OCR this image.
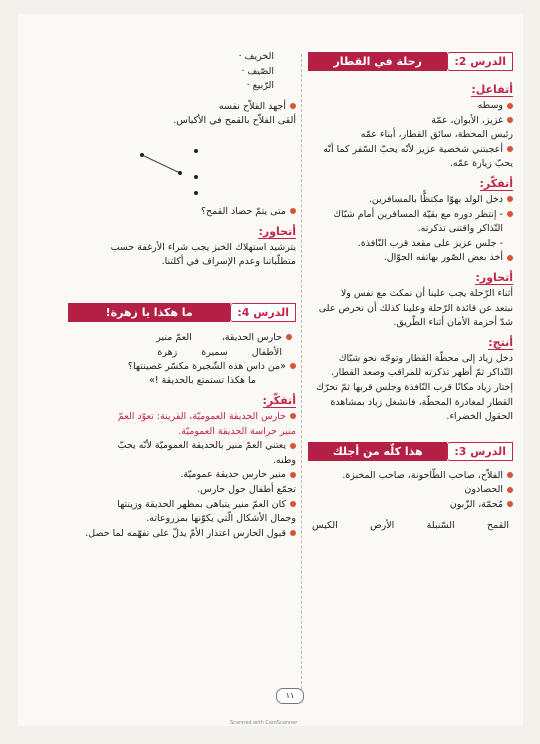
الدرس 2:
رحلة في القطار
أتفاعل:
وسطه
غزيز، الأبوان، عمّة
رئيس المحطة، سائق القطار، أبناء عمّه
أعجبتني شخصية عزيز لأنّه يحبّ السّفر كما أنّه
يحبّ زيارة عمّه.
أتفكّر:
دخل الولد بهوّا مكتظًّا بالمسافرين.
- إنتظر دوره مع بقيّة المسافرين أمام شبّاك
التّذاكر واقتنى تذكرته.
- جلس عزيز على مقعد قرب النّافذة.
أخذ بعض الصّور بهاتفه الجوّال.
أتحاور:
أثناء الرّحلة يجب علينا أن نمكث مع نفس ولا
نبتعد عن قائدة الرّحلة وعلينا كذلك أن نحرص على
شدّ أحزمة الأمان أثناء الطّريق.
أنتج:
دخل زياد إلى محطّة القطار وتوجّه نحو شبّاك
التّذاكر ثمّ أظهر تذكرته للمراقب وصعد القطار.
إختار زياد مكانًا قرب النّافذة وجلس قربها ثمّ تحرّك
القطار لمغادرة المحطّة، فانشغل زياد بمشاهدة
الحقول الخضراء.
الدرس 3:
هذا كلّه من أجلك
الفلاّح، صاحب الطّاحونة، صاحب المخبزة.
الحصادون
مُحمّة، الزّبون
القمح
السّنبلة
الأرض
الكيس
الخريف ·
الصّيف ·
الرّبيع ·
أجهد الفلاّح نفسه
ألقى الفلاّح بالقمح في الأكياس.
متى يتمّ حصاد القمح؟
أتحاور:
يترشيد استهلاك الخبز يجب شراء الأرغفة حسب
متطلّباتنا وعدم الإسراف في أكلتنا.
الدرس 4:
ما هكذا يا زهرة!
حارس الحديقة،
العمّ منير
الأطفال
سميرة
زهرة
«من داس هذه الشّجيرة مكسّر غصينتها؟
ما هكذا تستمتع بالحديقة !»
أتفكّر:
حارس الحديقة العموميّة، القرينة: تعوّد العمّ
منير حراسة الحديقة العموميّة.
يعتني العمّ منير بالحديقة العموميّة لأنّه يحبّ
وطنه.
منير حارس حديقة عموميّة.
تجمّع أطفال حول حارس.
كان العمّ منير يتباهى بمظهر الحديقة وزينتها
وجمال الأشكال الّتي يكوّنها بمزروعاته.
قبول الحارس اعتذار الأمّ يدلّ على تفهّمه لما حصل.
١١
Scanned with CamScanner
